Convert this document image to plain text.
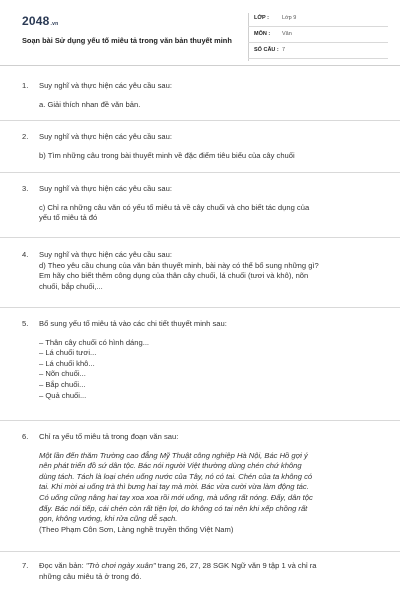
2048.vn
Soạn bài Sử dụng yếu tố miêu tả trong văn bản thuyết minh
LỚP : Lớp 9
MÔN : Văn
SỐ CÂU : 7
1.	Suy nghĩ và thực hiện các yêu cầu sau:
a. Giải thích nhan đề văn bản.
2.	Suy nghĩ và thực hiện các yêu cầu sau:
b) Tìm những câu trong bài thuyết minh về đặc điểm tiêu biểu của cây chuối
3.	Suy nghĩ và thực hiện các yêu cầu sau:
c) Chỉ ra những câu văn có yếu tố miêu tả về cây chuối và cho biết tác dụng của
yếu tố miêu tả đó
4.	Suy nghĩ và thực hiện các yêu cầu sau:
d) Theo yêu cầu chung của văn bản thuyết minh, bài này có thể bổ sung những gì?
Em hãy cho biết thêm công dụng của thân cây chuối, lá chuối (tươi và khô), nõn
chuối, bắp chuối,...
5.	Bổ sung yếu tố miêu tả vào các chi tiết thuyết minh sau:
– Thân cây chuối có hình dáng...
– Lá chuối tươi...
– Lá chuối khô...
– Nõn chuối...
– Bắp chuối...
– Quả chuối...
6.	Chỉ ra yếu tố miêu tả trong đoạn văn sau:
Một lần đến thăm Trường cao đẳng Mỹ Thuật công nghiệp Hà Nội, Bác Hồ gợi ý
nên phát triển đồ sứ dân tộc. Bác nói người Việt thường dùng chén chứ không
dùng tách. Tách là loại chén uống nước của Tây, nó có tai. Chén của ta không có
tai. Khi mời ai uống trà thì bưng hai tay mà mời. Bác vừa cười vừa làm động tác.
Có uống cũng nâng hai tay xoa xoa rồi mới uống, mà uống rất nóng. Đấy, dân tộc
đấy. Bác nói tiếp, cái chén còn rất tiện lợi, do không có tai nên khi xếp chồng rất
gọn, không vướng, khi rửa cũng dễ sạch.
(Theo Phạm Côn Sơn, Làng nghề truyền thống Việt Nam)
7.	Đọc văn bản: "Trò chơi ngày xuân" trang 26, 27, 28 SGK Ngữ văn 9 tập 1 và chỉ ra
những câu miêu tả ở trong đó.
